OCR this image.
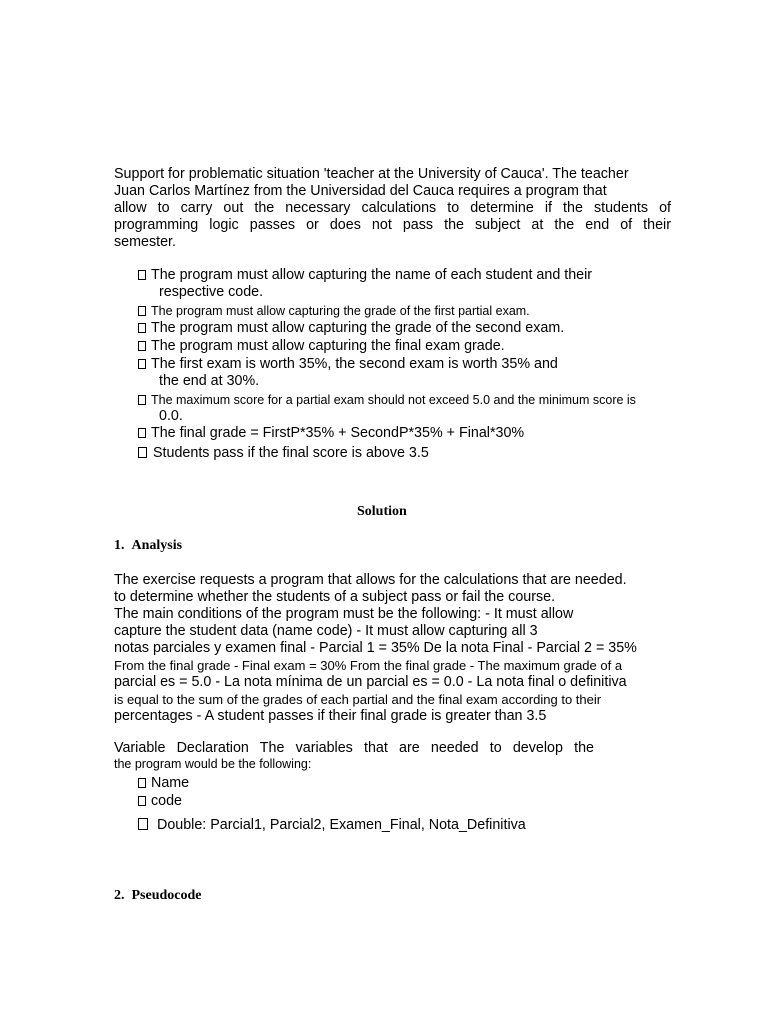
Support for problematic situation 'teacher at the University of Cauca'. The teacher
Juan Carlos Martínez from the Universidad del Cauca requires a program that
allow to carry out the necessary calculations to determine if the students of
programming logic passes or does not pass the subject at the end of their
semester.
The program must allow capturing the name of each student and their
respective code.
The program must allow capturing the grade of the first partial exam.
The program must allow capturing the grade of the second exam.
The program must allow capturing the final exam grade.
The first exam is worth 35%, the second exam is worth 35% and
the end at 30%.
The maximum score for a partial exam should not exceed 5.0 and the minimum score is
0.0.
The final grade = FirstP*35% + SecondP*35% + Final*30%
Students pass if the final score is above 3.5
Solution
1. Analysis
The exercise requests a program that allows for the calculations that are needed.
to determine whether the students of a subject pass or fail the course.
The main conditions of the program must be the following: - It must allow
capture the student data (name code) - It must allow capturing all 3
notas parciales y examen final - Parcial 1 = 35% De la nota Final - Parcial 2 = 35%
From the final grade - Final exam = 30% From the final grade - The maximum grade of a
parcial es = 5.0 - La nota mínima de un parcial es = 0.0 - La nota final o definitiva
is equal to the sum of the grades of each partial and the final exam according to their
percentages - A student passes if their final grade is greater than 3.5
Variable Declaration The variables that are needed to develop the
the program would be the following:
Name
code
Double: Parcial1, Parcial2, Examen_Final, Nota_Definitiva
2. Pseudocode
